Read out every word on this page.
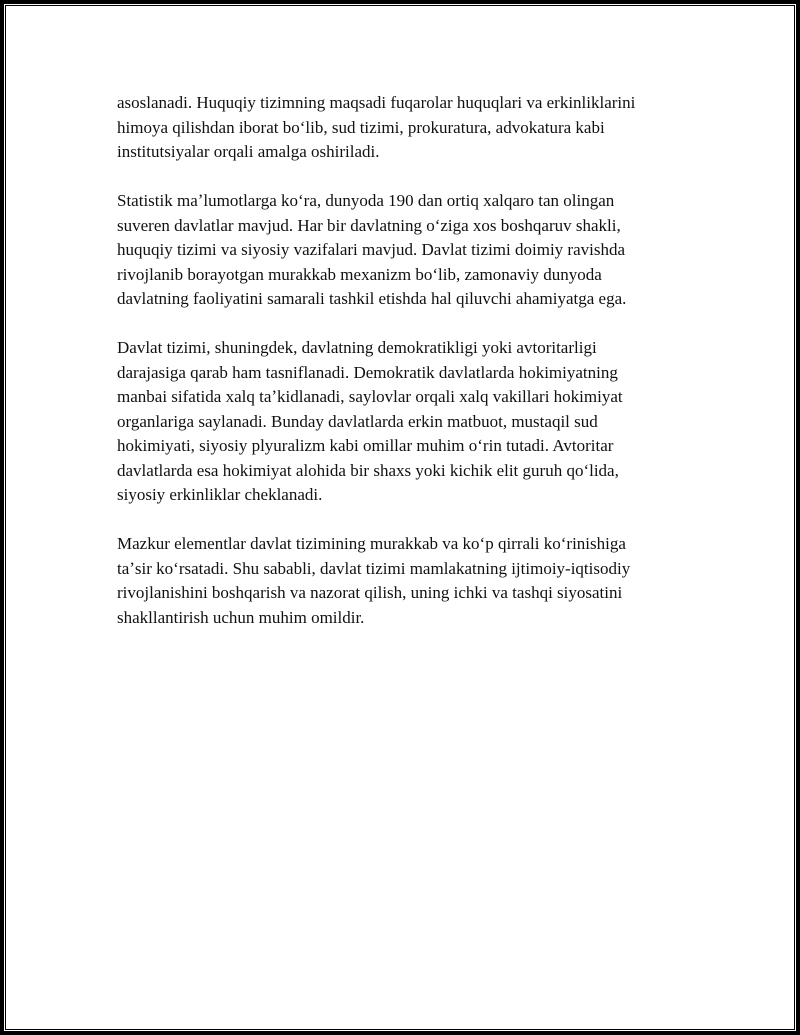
asoslanadi. Huquqiy tizimning maqsadi fuqarolar huquqlari va erkinliklarini
himoya qilishdan iborat boʻlib, sud tizimi, prokuratura, advokatura kabi
institutsiyalar orqali amalga oshiriladi.

Statistik maʼlumotlarga koʻra, dunyoda 190 dan ortiq xalqaro tan olingan
suveren davlatlar mavjud. Har bir davlatning oʻziga xos boshqaruv shakli,
huquqiy tizimi va siyosiy vazifalari mavjud. Davlat tizimi doimiy ravishda
rivojlanib borayotgan murakkab mexanizm boʻlib, zamonaviy dunyoda
davlatning faoliyatini samarali tashkil etishda hal qiluvchi ahamiyatga ega.

Davlat tizimi, shuningdek, davlatning demokratikligi yoki avtoritarligi
darajasiga qarab ham tasniflanadi. Demokratik davlatlarda hokimiyatning
manbai sifatida xalq taʼkidlanadi, saylovlar orqali xalq vakillari hokimiyat
organlariga saylanadi. Bunday davlatlarda erkin matbuot, mustaqil sud
hokimiyati, siyosiy plyuralizm kabi omillar muhim oʻrin tutadi. Avtoritar
davlatlarda esa hokimiyat alohida bir shaxs yoki kichik elit guruh qoʻlida,
siyosiy erkinliklar cheklanadi.

Mazkur elementlar davlat tizimining murakkab va koʻp qirrali koʻrinishiga
taʼsir koʻrsatadi. Shu sababli, davlat tizimi mamlakatning ijtimoiy-iqtisodiy
rivojlanishini boshqarish va nazorat qilish, uning ichki va tashqi siyosatini
shakllantirish uchun muhim omildir.
